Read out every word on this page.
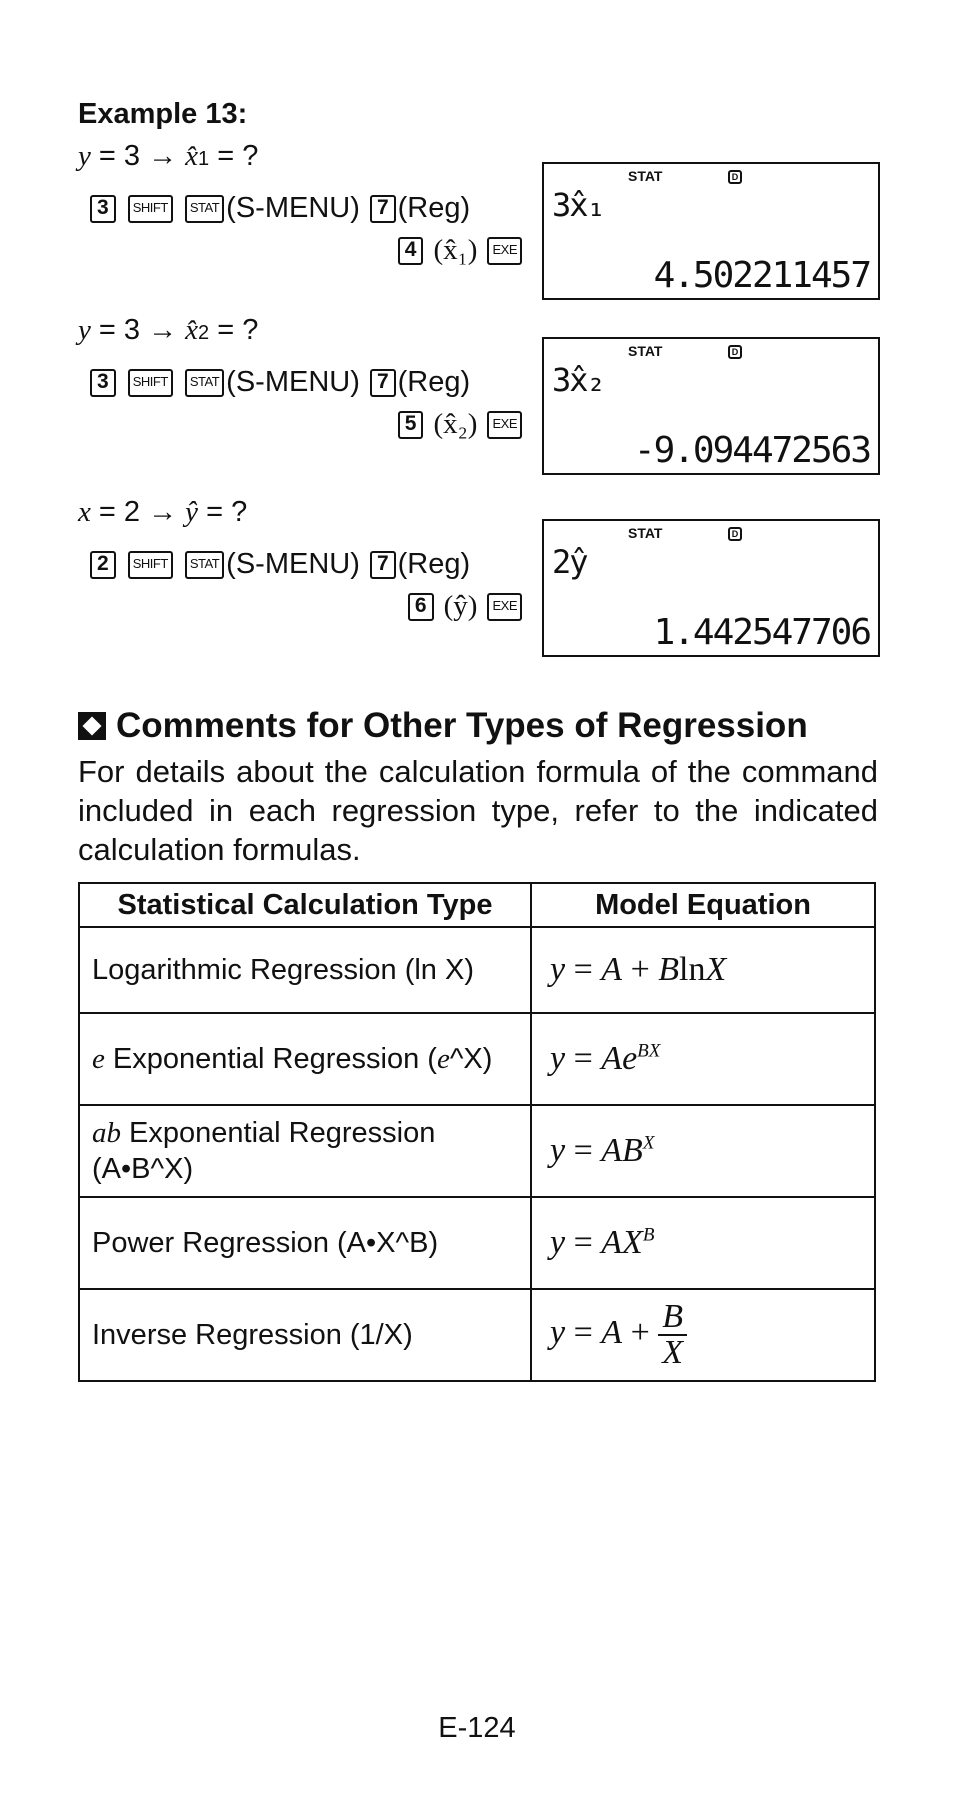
Example 13:
y = 3 → x̂1 = ?
3 SHIFT STAT (S-MENU) 7 (Reg)
4 (x̂₁) EXE
STAT	D
3x̂₁
4.502211457
y = 3 → x̂2 = ?
3 SHIFT STAT (S-MENU) 7 (Reg)
5 (x̂₂) EXE
STAT	D
3x̂₂
-9.094472563
x = 2 → ŷ = ?
2 SHIFT STAT (S-MENU) 7 (Reg)
6 (ŷ) EXE
STAT	D
2ŷ
1.442547706
Comments for Other Types of Regression
For details about the calculation formula of the command included in each regression type, refer to the indicated calculation formulas.
Statistical Calculation Type	Model Equation
Logarithmic Regression (ln X)	y = A + BlnX
e Exponential Regression (e^X)	$y = Ae^{BX}$
ab Exponential Regression (A•B^X)	$y = AB^X$
Power Regression (A•X^B)	$y = AX^B$
Inverse Regression (1/X)	$y = A + \frac{B}{X}$
E-124
